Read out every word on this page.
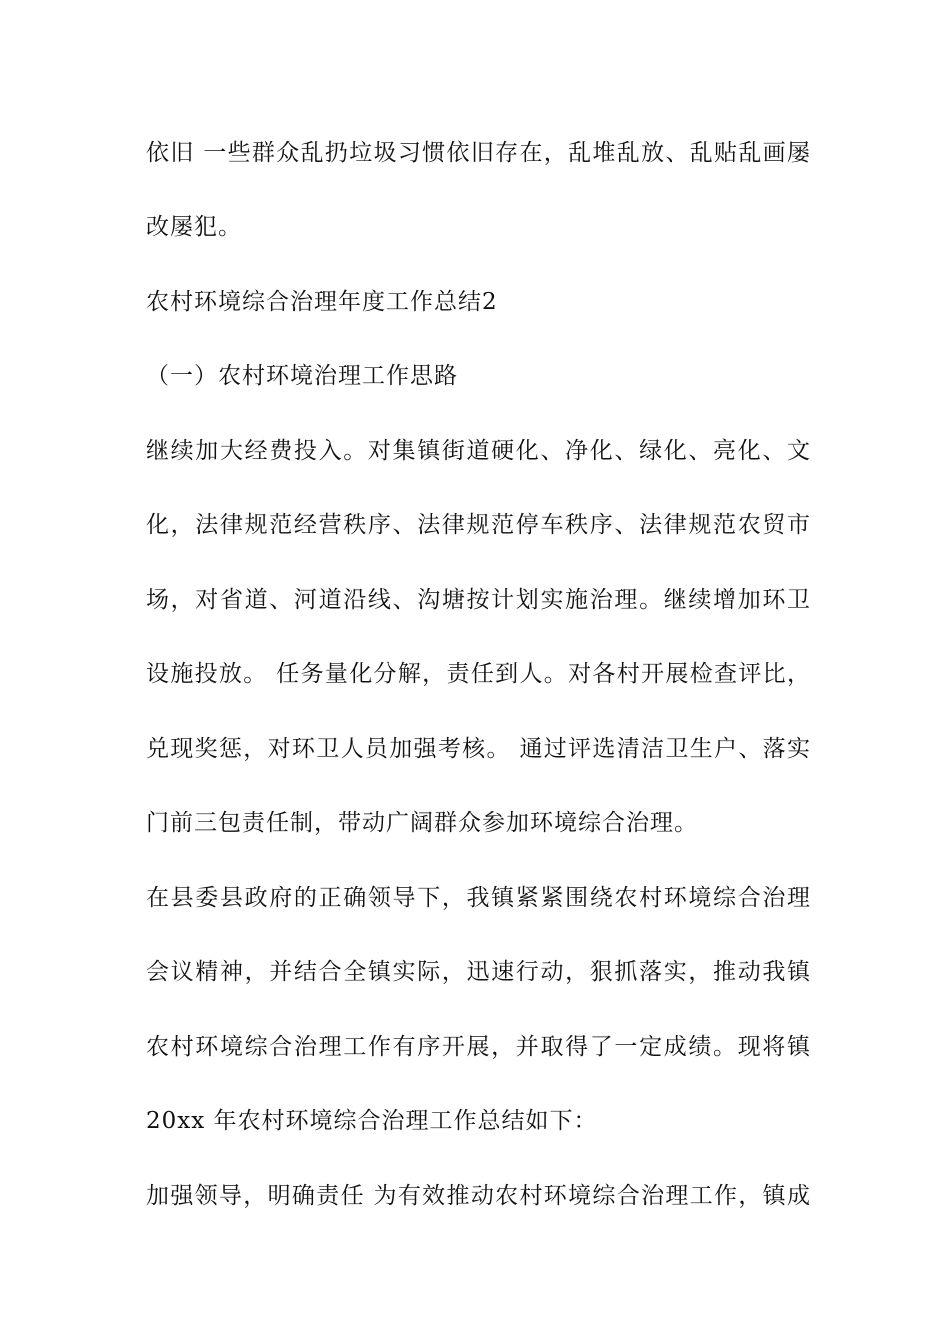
依旧 一些群众乱扔垃圾习惯依旧存在，乱堆乱放、乱贴乱画屡
改屡犯。
农村环境综合治理年度工作总结2
（一）农村环境治理工作思路
继续加大经费投入。对集镇街道硬化、净化、绿化、亮化、文
化，法律规范经营秩序、法律规范停车秩序、法律规范农贸市
场，对省道、河道沿线、沟塘按计划实施治理。继续增加环卫
设施投放。 任务量化分解，责任到人。对各村开展检查评比，
兑现奖惩，对环卫人员加强考核。 通过评选清洁卫生户、落实
门前三包责任制，带动广阔群众参加环境综合治理。
在县委县政府的正确领导下，我镇紧紧围绕农村环境综合治理
会议精神，并结合全镇实际，迅速行动，狠抓落实，推动我镇
农村环境综合治理工作有序开展，并取得了一定成绩。现将镇
20xx 年农村环境综合治理工作总结如下：
加强领导，明确责任 为有效推动农村环境综合治理工作，镇成
